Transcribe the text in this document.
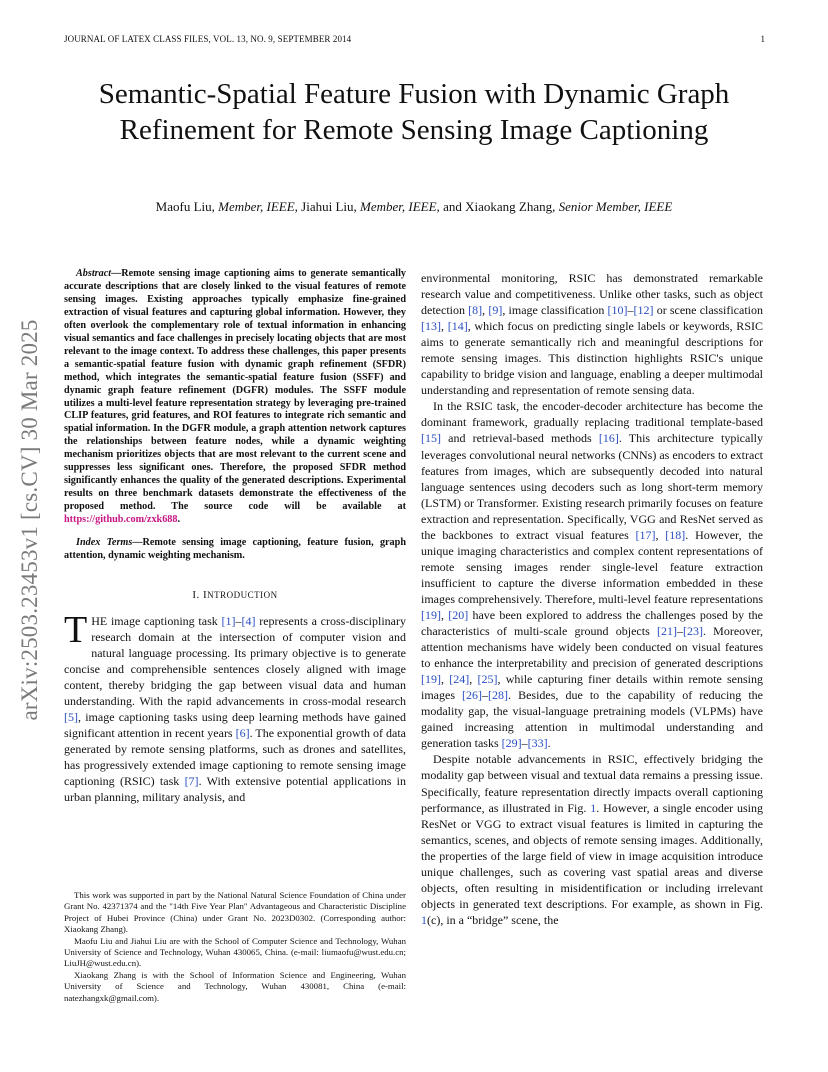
JOURNAL OF LATEX CLASS FILES, VOL. 13, NO. 9, SEPTEMBER 2014	1
Semantic-Spatial Feature Fusion with Dynamic Graph Refinement for Remote Sensing Image Captioning
Maofu Liu, Member, IEEE, Jiahui Liu, Member, IEEE, and Xiaokang Zhang, Senior Member, IEEE
arXiv:2503.23453v1 [cs.CV] 30 Mar 2025

Abstract—Remote sensing image captioning aims to generate semantically accurate descriptions that are closely linked to the visual features of remote sensing images. Existing approaches typically emphasize fine-grained extraction of visual features and capturing global information. However, they often overlook the complementary role of textual information in enhancing visual semantics and face challenges in precisely locating objects that are most relevant to the image context. To address these challenges, this paper presents a semantic-spatial feature fusion with dynamic graph refinement (SFDR) method, which integrates the semantic-spatial feature fusion (SSFF) and dynamic graph feature refinement (DGFR) modules. The SSFF module utilizes a multi-level feature representation strategy by leveraging pre-trained CLIP features, grid features, and ROI features to integrate rich semantic and spatial information. In the DGFR module, a graph attention network captures the relationships between feature nodes, while a dynamic weighting mechanism prioritizes objects that are most relevant to the current scene and suppresses less significant ones. Therefore, the proposed SFDR method significantly enhances the quality of the generated descriptions. Experimental results on three benchmark datasets demonstrate the effectiveness of the proposed method. The source code will be available at https://github.com/zxk688.

Index Terms—Remote sensing image captioning, feature fusion, graph attention, dynamic weighting mechanism.

I. INTRODUCTION

THE image captioning task [1]–[4] represents a cross-disciplinary research domain at the intersection of computer vision and natural language processing. Its primary objective is to generate concise and comprehensible sentences closely aligned with image content, thereby bridging the gap between visual data and human understanding. With the rapid advancements in cross-modal research [5], image captioning tasks using deep learning methods have gained significant attention in recent years [6]. The exponential growth of data generated by remote sensing platforms, such as drones and satellites, has progressively extended image captioning to remote sensing image captioning (RSIC) task [7]. With extensive potential applications in urban planning, military analysis, and

This work was supported in part by the National Natural Science Foundation of China under Grant No. 42371374 and the "14th Five Year Plan" Advantageous and Characteristic Discipline Project of Hubei Province (China) under Grant No. 2023D0302. (Corresponding author: Xiaokang Zhang).

Maofu Liu and Jiahui Liu are with the School of Computer Science and Technology, Wuhan University of Science and Technology, Wuhan 430065, China. (e-mail: liumaofu@wust.edu.cn; LiuJH@wust.edu.cn).

Xiaokang Zhang is with the School of Information Science and Engineering, Wuhan University of Science and Technology, Wuhan 430081, China (e-mail: natezhangxk@gmail.com).

environmental monitoring, RSIC has demonstrated remarkable research value and competitiveness. Unlike other tasks, such as object detection [8], [9], image classification [10]–[12] or scene classification [13], [14], which focus on predicting single labels or keywords, RSIC aims to generate semantically rich and meaningful descriptions for remote sensing images. This distinction highlights RSIC's unique capability to bridge vision and language, enabling a deeper multimodal understanding and representation of remote sensing data.

In the RSIC task, the encoder-decoder architecture has become the dominant framework, gradually replacing traditional template-based [15] and retrieval-based methods [16]. This architecture typically leverages convolutional neural networks (CNNs) as encoders to extract features from images, which are subsequently decoded into natural language sentences using decoders such as long short-term memory (LSTM) or Transformer. Existing research primarily focuses on feature extraction and representation. Specifically, VGG and ResNet served as the backbones to extract visual features [17], [18]. However, the unique imaging characteristics and complex content representations of remote sensing images render single-level feature extraction insufficient to capture the diverse information embedded in these images comprehensively. Therefore, multi-level feature representations [19], [20] have been explored to address the challenges posed by the characteristics of multi-scale ground objects [21]–[23]. Moreover, attention mechanisms have widely been conducted on visual features to enhance the interpretability and precision of generated descriptions [19], [24], [25], while capturing finer details within remote sensing images [26]–[28]. Besides, due to the capability of reducing the modality gap, the visual-language pretraining models (VLPMs) have gained increasing attention in multimodal understanding and generation tasks [29]–[33].

Despite notable advancements in RSIC, effectively bridging the modality gap between visual and textual data remains a pressing issue. Specifically, feature representation directly impacts overall captioning performance, as illustrated in Fig. 1. However, a single encoder using ResNet or VGG to extract visual features is limited in capturing the semantics, scenes, and objects of remote sensing images. Additionally, the properties of the large field of view in image acquisition introduce unique challenges, such as covering vast spatial areas and diverse objects, often resulting in misidentification or including irrelevant objects in generated text descriptions. For example, as shown in Fig. 1(c), in a “bridge” scene, the
